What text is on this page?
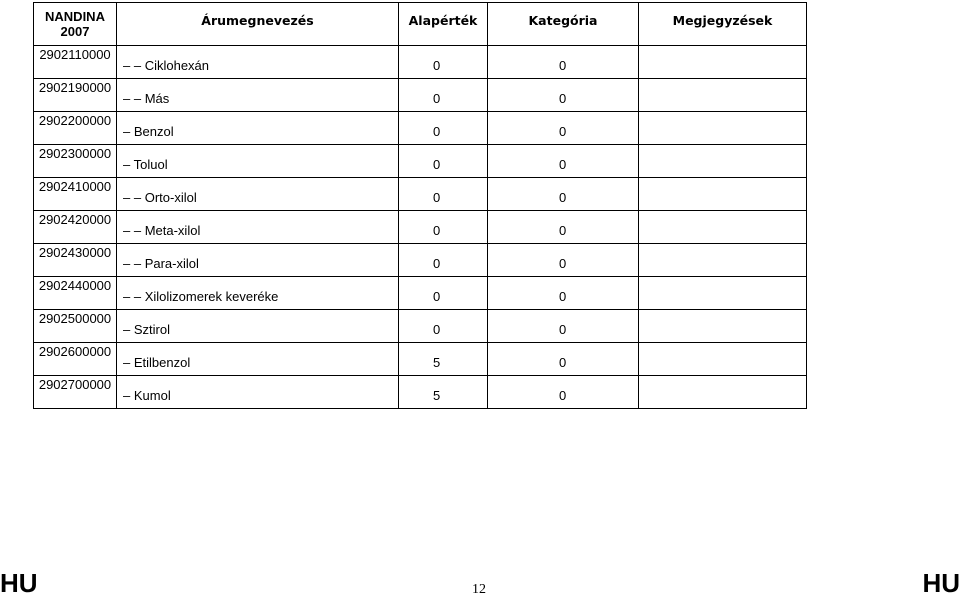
NANDINA 2007	Árumegnevezés	Alapérték	Kategória	Megjegyzések
2902110000	– – Ciklohexán	0	0	

2902190000	– – Más	0	0	

2902200000	– Benzol	0	0	

2902300000	– Toluol	0	0	

2902410000	– – Orto-xilol	0	0	

2902420000	– – Meta-xilol	0	0	

2902430000	– – Para-xilol	0	0	

2902440000	– – Xilolizomerek keveréke	0	0	

2902500000	– Sztirol	0	0	

2902600000	– Etilbenzol	5	0	

2902700000	– Kumol	5	0	

HU	12	HU
